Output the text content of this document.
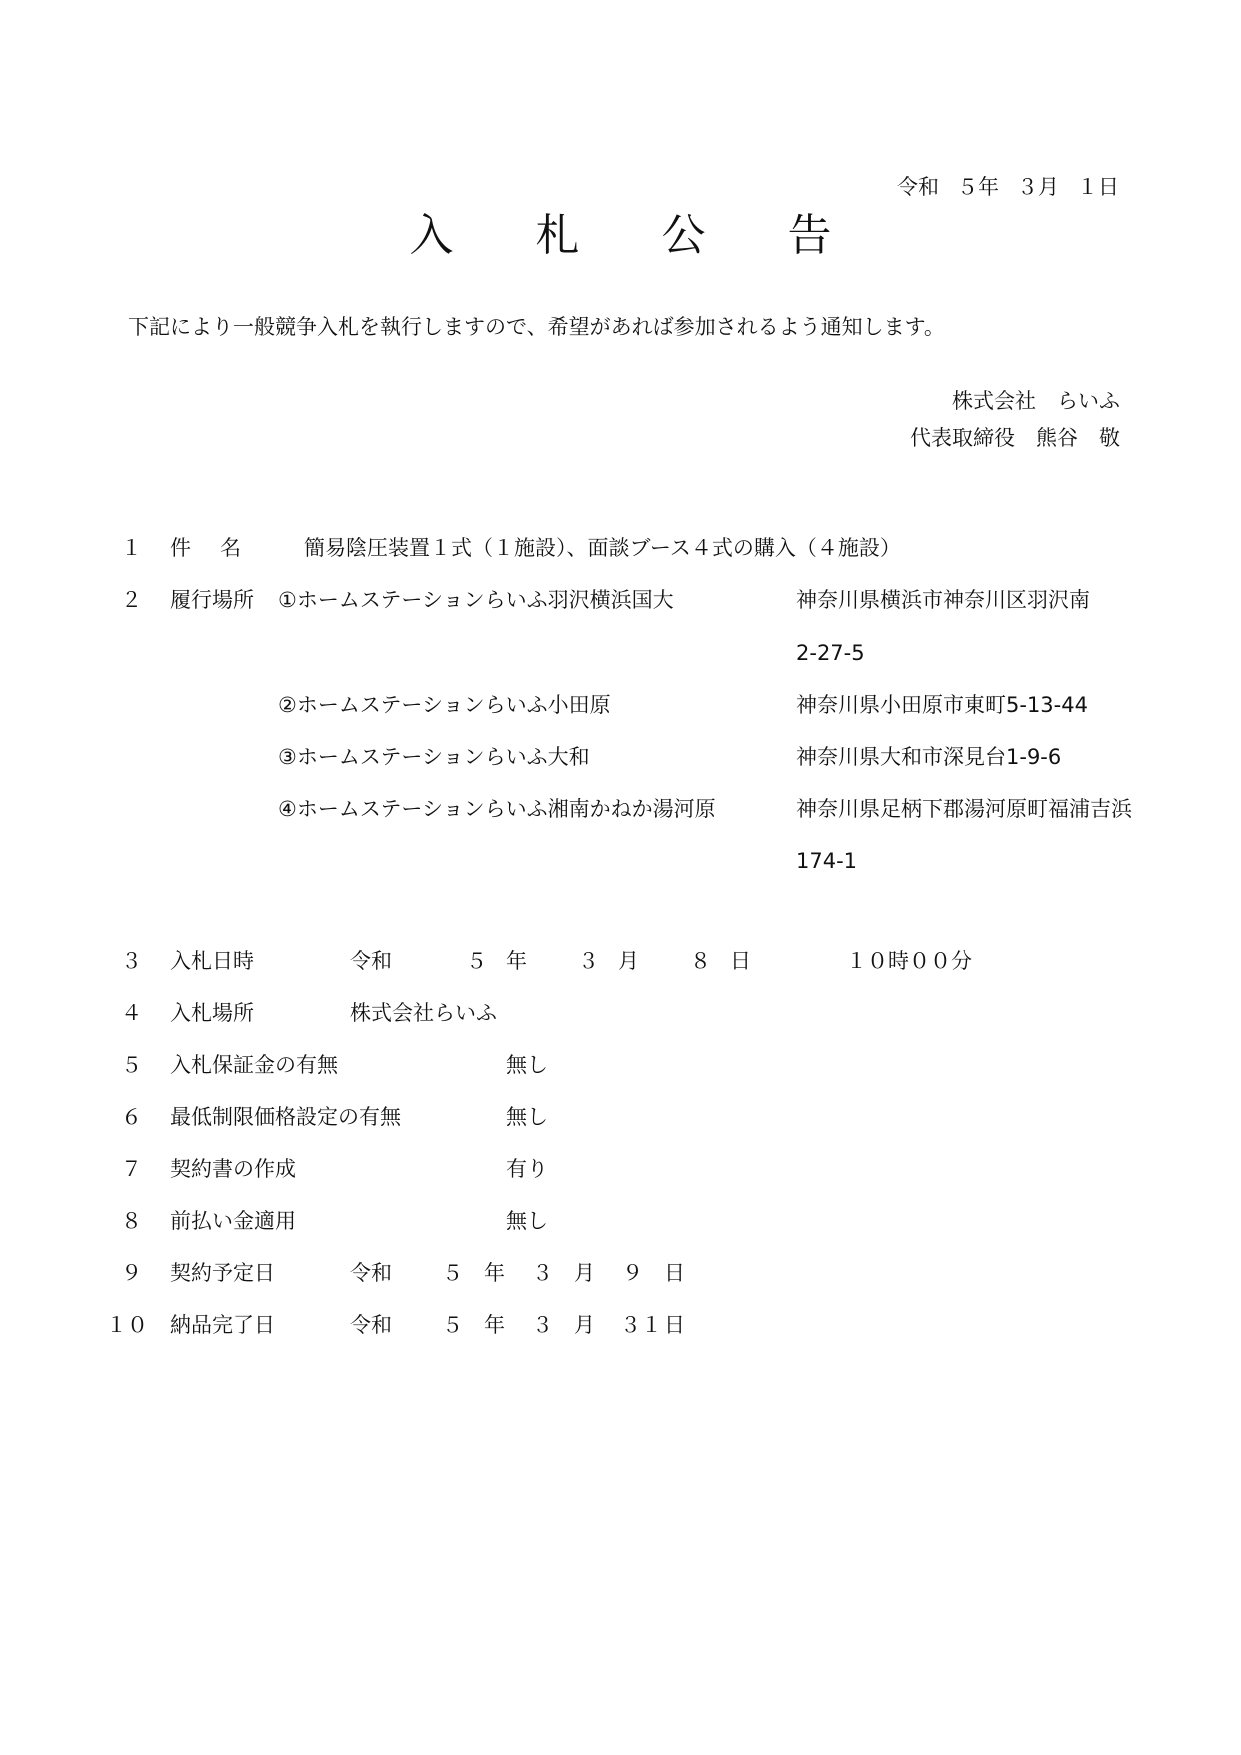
令和 ５年 ３月 １日
入 札 公 告
下記により一般競争入札を執行しますので、希望があれば参加されるよう通知します。
株式会社　らいふ
代表取締役　熊谷　敬
１ 件　名	簡易陰圧装置１式（１施設）、面談ブース４式の購入（４施設）
２ 履行場所 ①ホームステーションらいふ羽沢横浜国大	神奈川県横浜市神奈川区羽沢南
2-27-5
②ホームステーションらいふ小田原	神奈川県小田原市東町5-13-44
③ホームステーションらいふ大和	神奈川県大和市深見台1-9-6
④ホームステーションらいふ湘南かねか湯河原	神奈川県足柄下郡湯河原町福浦吉浜
174-1
３ 入札日時	令和	５ 年 ３ 月 ８ 日	１０時００分
４ 入札場所	株式会社らいふ
５ 入札保証金の有無	無し
６ 最低制限価格設定の有無	無し
７ 契約書の作成	有り
８ 前払い金適用	無し
９ 契約予定日	令和 ５ 年 ３ 月 ９ 日
１０ 納品完了日	令和 ５ 年 ３ 月 ３１ 日
